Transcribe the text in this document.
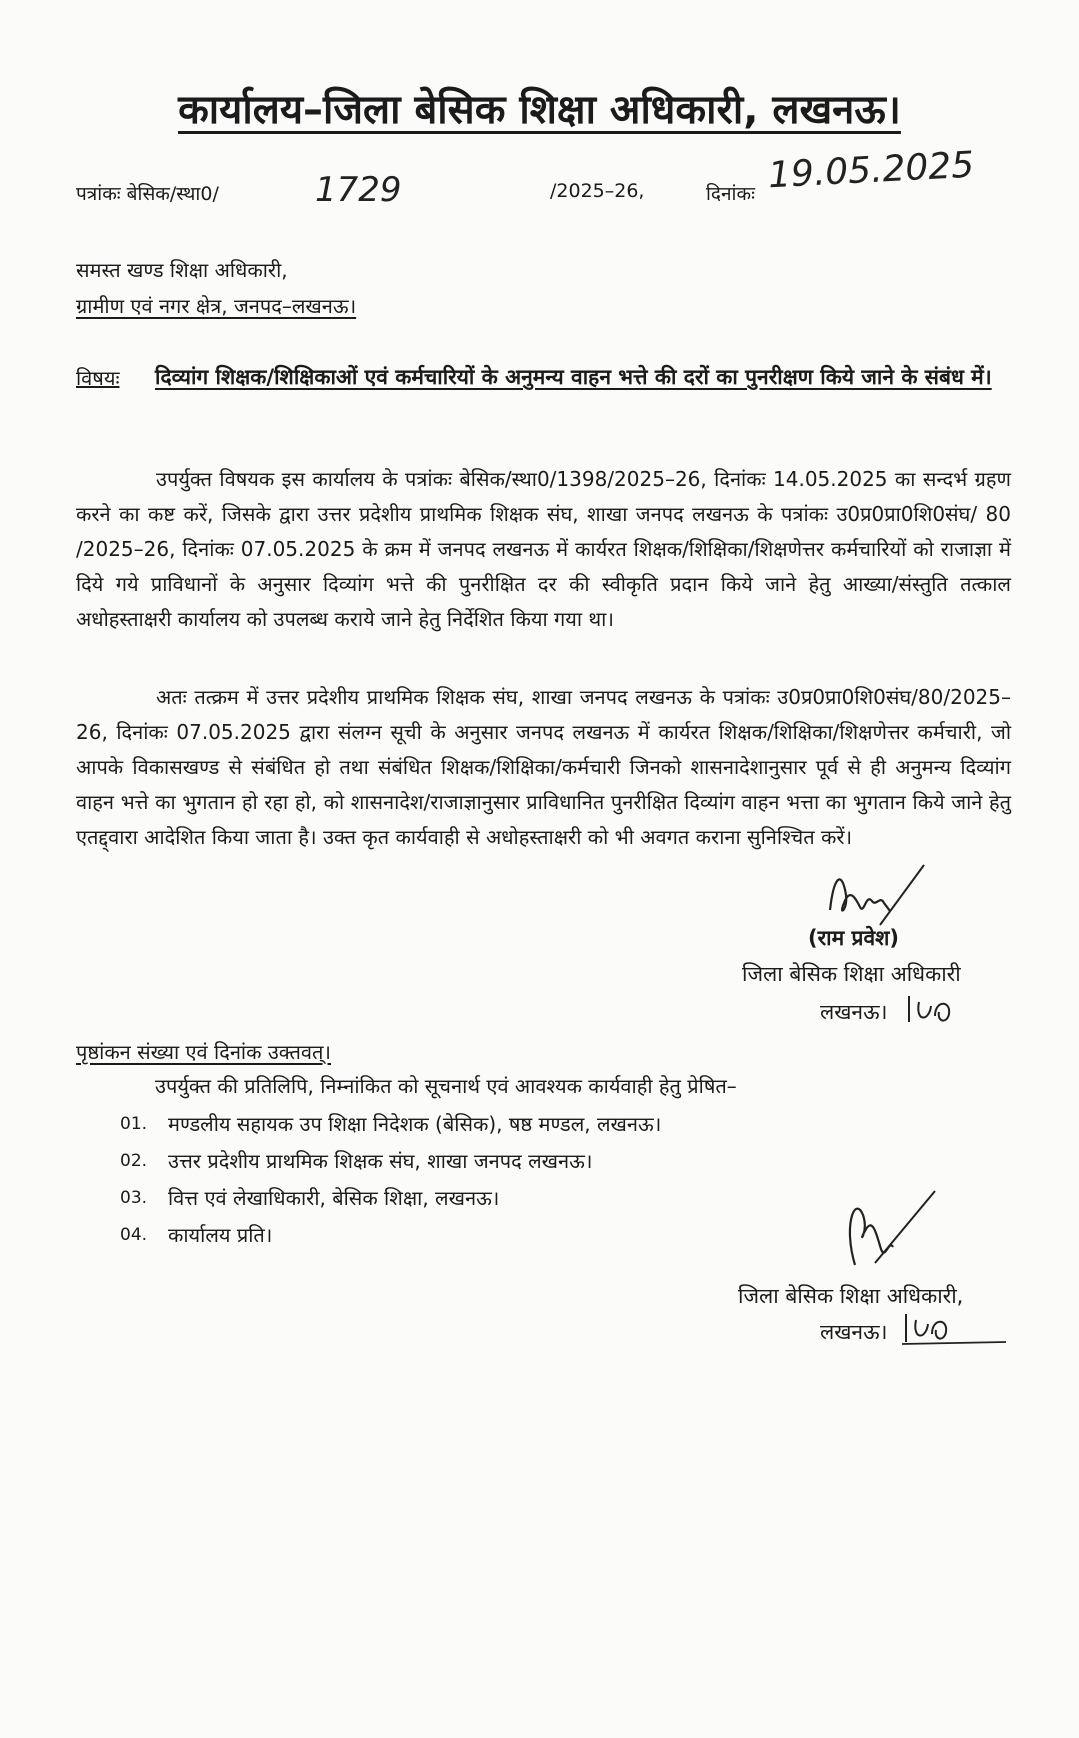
कार्यालय–जिला बेसिक शिक्षा अधिकारी, लखनऊ।
पत्रांकः बेसिक/स्था0/	1729	/2025–26,	दिनांकः 19.05.2025
समस्त खण्ड शिक्षा अधिकारी,
ग्रामीण एवं नगर क्षेत्र, जनपद–लखनऊ।
विषयः दिव्यांग शिक्षक/शिक्षिकाओं एवं कर्मचारियों के अनुमन्य वाहन भत्ते की दरों का पुनरीक्षण किये जाने के संबंध में।
उपर्युक्त विषयक इस कार्यालय के पत्रांकः बेसिक/स्था0/1398/2025–26, दिनांकः 14.05.2025 का सन्दर्भ ग्रहण करने का कष्ट करें, जिसके द्वारा उत्तर प्रदेशीय प्राथमिक शिक्षक संघ, शाखा जनपद लखनऊ के पत्रांकः उ0प्र0प्रा0शि0संघ/ 80 /2025–26, दिनांकः 07.05.2025 के क्रम में जनपद लखनऊ में कार्यरत शिक्षक/शिक्षिका/शिक्षणेत्तर कर्मचारियों को राजाज्ञा में दिये गये प्राविधानों के अनुसार दिव्यांग भत्ते की पुनरीक्षित दर की स्वीकृति प्रदान किये जाने हेतु आख्या/संस्तुति तत्काल अधोहस्ताक्षरी कार्यालय को उपलब्ध कराये जाने हेतु निर्देशित किया गया था।
अतः तत्क्रम में उत्तर प्रदेशीय प्राथमिक शिक्षक संघ, शाखा जनपद लखनऊ के पत्रांकः उ0प्र0प्रा0शि0संघ/80/2025–26, दिनांकः 07.05.2025 द्वारा संलग्न सूची के अनुसार जनपद लखनऊ में कार्यरत शिक्षक/शिक्षिका/शिक्षणेत्तर कर्मचारी, जो आपके विकासखण्ड से संबंधित हो तथा संबंधित शिक्षक/शिक्षिका/कर्मचारी जिनको शासनादेशानुसार पूर्व से ही अनुमन्य दिव्यांग वाहन भत्ते का भुगतान हो रहा हो, को शासनादेश/राजाज्ञानुसार प्राविधानित पुनरीक्षित दिव्यांग वाहन भत्ता का भुगतान किये जाने हेतु एतद्द्वारा आदेशित किया जाता है। उक्त कृत कार्यवाही से अधोहस्ताक्षरी को भी अवगत कराना सुनिश्चित करें।
(राम प्रवेश)
जिला बेसिक शिक्षा अधिकारी
लखनऊ।
पृष्ठांकन संख्या एवं दिनांक उक्तवत्।
उपर्युक्त की प्रतिलिपि, निम्नांकित को सूचनार्थ एवं आवश्यक कार्यवाही हेतु प्रेषित–
01.	मण्डलीय सहायक उप शिक्षा निदेशक (बेसिक), षष्ठ मण्डल, लखनऊ।
02.	उत्तर प्रदेशीय प्राथमिक शिक्षक संघ, शाखा जनपद लखनऊ।
03.	वित्त एवं लेखाधिकारी, बेसिक शिक्षा, लखनऊ।
04.	कार्यालय प्रति।
जिला बेसिक शिक्षा अधिकारी,
लखनऊ।
